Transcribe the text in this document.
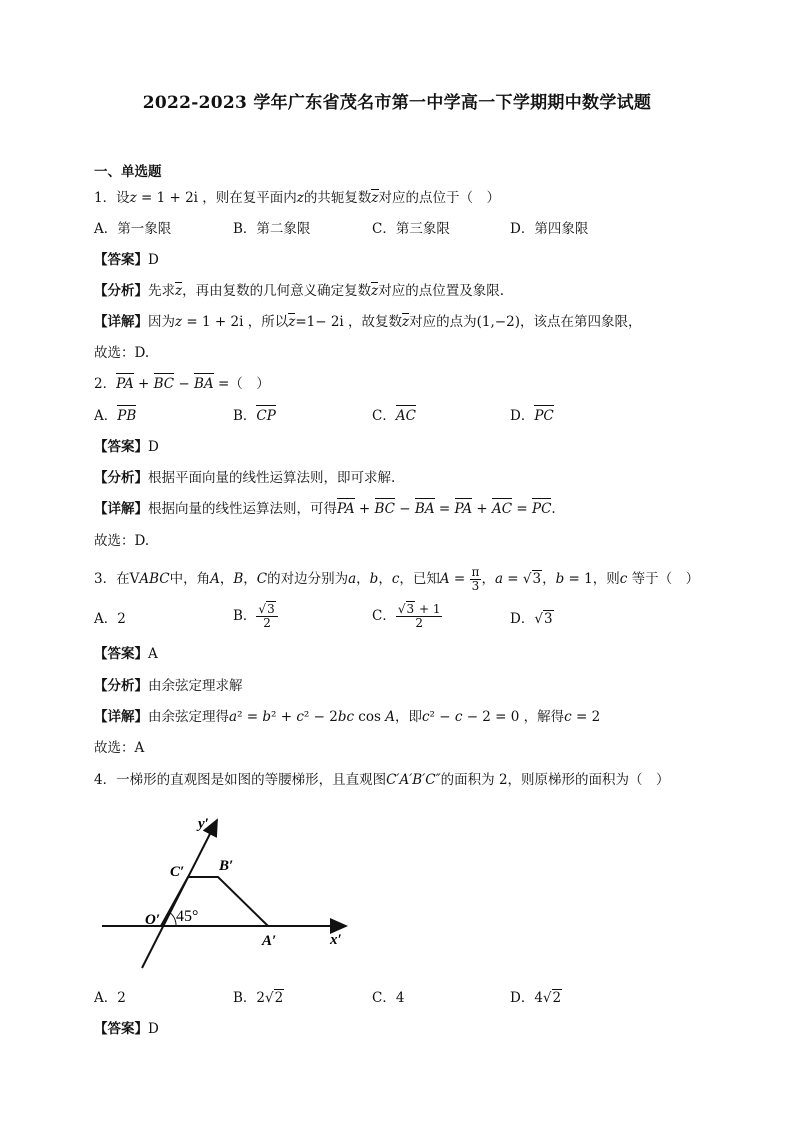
2022-2023 学年广东省茂名市第一中学高一下学期期中数学试题
一、单选题
1．设z = 1 + 2i ，则在复平面内z的共轭复数z对应的点位于（　）
A．第一象限	B．第二象限	C．第三象限	D．第四象限
【答案】D
【分析】先求z，再由复数的几何意义确定复数z对应的点位置及象限.
【详解】因为z = 1 + 2i ，所以z=1− 2i ，故复数z对应的点为(1,−2)，该点在第四象限，
故选：D.
2．PA + BC − BA =（　）
A．PB	B．CP	C．AC	D．PC
【答案】D
【分析】根据平面向量的线性运算法则，即可求解.
【详解】根据向量的线性运算法则，可得PA + BC − BA = PA + AC = PC.
故选：D.
3．在VABC中，角A，B，C的对边分别为a，b，c，已知$A = \frac{\pi}{3}$ ，a = √3，b = 1，则c 等于（　）
A．2	B． $\frac{√3}{2}$	C． $\frac{√3 + 1}{2}$	D．√3
【答案】A
【分析】由余弦定理求解
【详解】由余弦定理得a² = b² + c² − 2bc cos A，即c² − c − 2 = 0 ，解得c = 2
故选：A
4．一梯形的直观图是如图的等腰梯形，且直观图C′A′B′C″的面积为 2，则原梯形的面积为（　）
y′
x′
C′ B′
O′ 45°
A′
A．2	B．2√2	C．4	D．4√2
【答案】D
